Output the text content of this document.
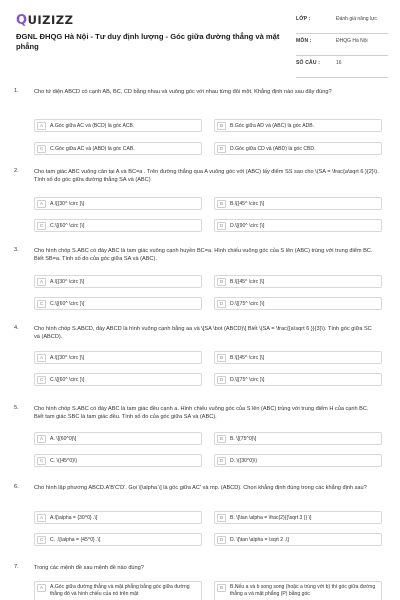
QUIZIZZ
ĐGNL ĐHQG Hà Nội - Tư duy định lượng - Góc giữa đường thẳng và mặt phẳng
LỚP :	Đánh giá năng lực
MÔN :	ĐHQG Hà Nội
SỐ CÂU :	16
1.	Cho tứ diện ABCD có cạnh AB, BC, CD bằng nhau và vuông góc với nhau từng đôi một. Khẳng định nào sau đây đúng?
A	A.Góc giữa AC và (BCD) là góc ACB.	B	B.Góc giữa AD và (ABC) là góc ADB.
C	C.Góc giữa AC và (ABD) là góc CAB.	D	D.Góc giữa CD và (ABD) là góc CBD.
2.	Cho tam giác ABC vuông cân tại A và BC=a . Trên đường thẳng qua A vuông góc với (ABC) lấy điểm SS sao cho \(SA = \frac{a\sqrt 6 }{2}\). Tính số đo góc giữa đường thẳng SA và (ABC)
A	A.\[{30^ \circ }\]	B	B.\[{45^ \circ }\]
C	C.\[{60^ \circ }\]	D	D.\[{90^ \circ }\]
3.	Cho hình chóp S.ABC có đáy ABC là tam giác vuông cạnh huyền BC=a. Hình chiếu vuông góc của S lên (ABC) trùng với trung điểm BC. Biết SB=a. Tính số đo của góc giữa SA và (ABC).
A	A.\[{30^ \circ }\]	B	B.\[{45^ \circ }\]
C	C.\[{60^ \circ }\]	D	D.\[{75^ \circ }\]
4.	Cho hình chóp S.ABCD, đáy ABCD là hình vuông cạnh bằng aa và \[SA \bot (ABCD)\] Biết \(SA = \frac{{a\sqrt 6 }}{3}\). Tính góc giữa SC và (ABCD).
A	A.\[{30^ \circ }\]	B	B.\[{45^ \circ }\]
C	C.\[{60^ \circ }\]	D	D.\[{75^ \circ }\]
5.	Cho hình chóp S.ABC có đáy ABC là tam giác đều cạnh a. Hình chiếu vuông góc của S lên (ABC) trùng với trung điểm H của cạnh BC. Biết tam giác SBC là tam giác đều. Tính số đo của góc giữa SA và (ABC).
A	A. \[{60^0}\]	B	B. \[{75^0}\]
C	C. \({45^0}\)	D	D. \({30^0}\)
6.	Cho hình lập phương ABCD.A'B'C'D'. Gọi \[\alpha \] là góc giữa AC' và mp. (ABCD). Chọn khẳng định đúng trong các khẳng định sau?
A	A.\[\alpha = {30^0} .\]	B	B. \[\tan \alpha = \frac{2}{{\sqrt 3 }} \]
C	C. .\[\alpha = {45^0} .\]	D	D. \[\tan \alpha = \sqrt 2 .\]
7.	Trong các mệnh đề sau mệnh đề nào đúng?
A	A.Góc giữa đường thẳng và mặt phẳng bằng góc giữa đường thẳng đó và hình chiếu của nó trên mặt
B	B.Nếu a và b song song (hoặc a trùng với b) thì góc giữa đường thẳng a và mặt phẳng (P) bằng góc
